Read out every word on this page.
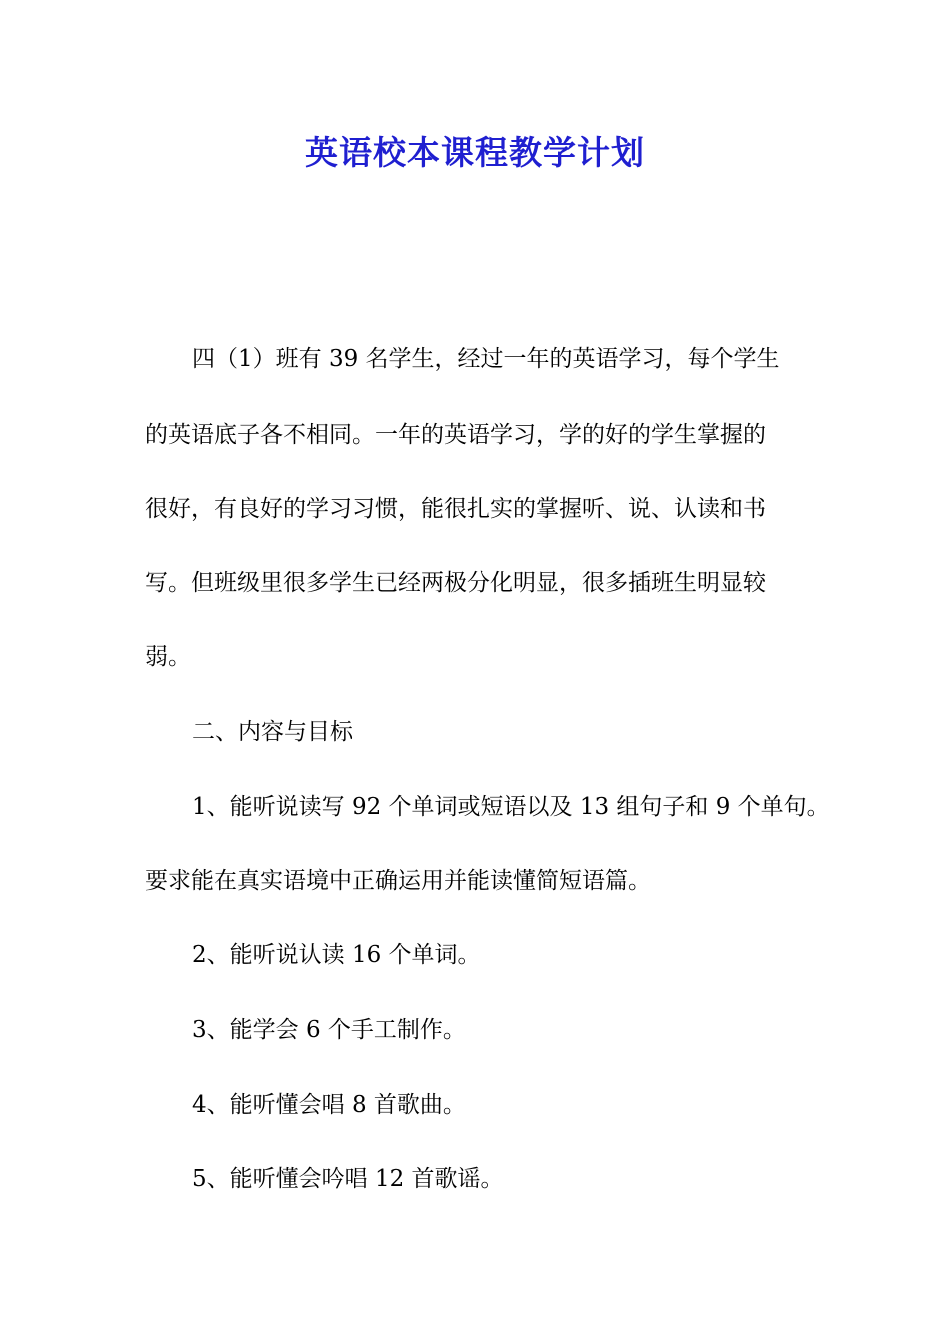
英语校本课程教学计划

四（1）班有 39 名学生，经过一年的英语学习，每个学生

的英语底子各不相同。一年的英语学习，学的好的学生掌握的

很好，有良好的学习习惯，能很扎实的掌握听、说、认读和书

写。但班级里很多学生已经两极分化明显，很多插班生明显较

弱。

二、内容与目标

1、能听说读写 92 个单词或短语以及 13 组句子和 9 个单句。

要求能在真实语境中正确运用并能读懂简短语篇。

2、能听说认读 16 个单词。

3、能学会 6 个手工制作。

4、能听懂会唱 8 首歌曲。

5、能听懂会吟唱 12 首歌谣。
